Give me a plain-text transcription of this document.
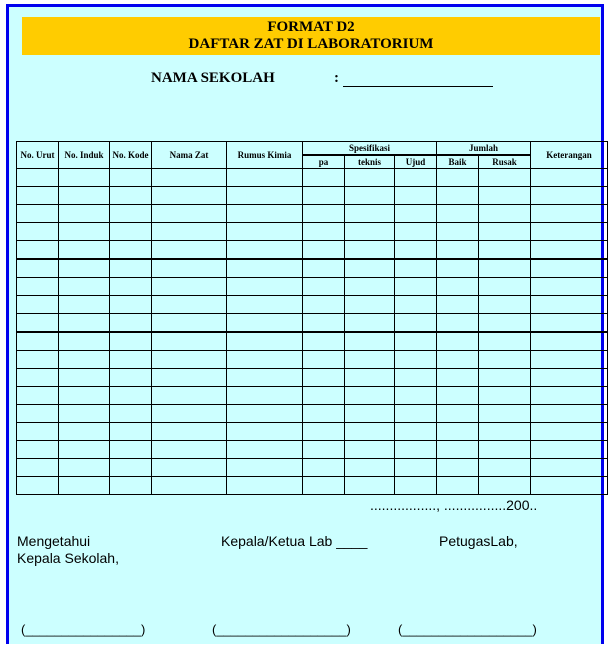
FORMAT D2
DAFTAR ZAT DI LABORATORIUM
NAMA SEKOLAH	:
No. Urut	No. Induk	No. Kode	Nama Zat	Rumus Kimia	Spesifikasi			Jumlah		Keterangan
					pa	teknis	Ujud	Baik	Rusak	

................., ................200..
Mengetahui
Kepala Sekolah,
Kepala/Ketua Lab ____	PetugasLab,
(________________)	(__________________)	(__________________)
